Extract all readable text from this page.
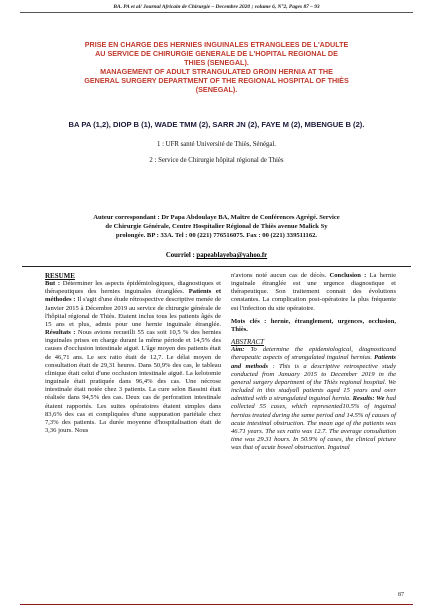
BA. PA et al/ Journal Africain de Chirurgie – Decembre 2020 ; volume 6, N°2, Pages 87 – 93

PRISE EN CHARGE DES HERNIES INGUINALES ETRANGLEES DE L'ADULTE

AU SERVICE DE CHIRURGIE GENERALE DE L'HOPITAL REGIONAL DE

THIES (SENEGAL).

MANAGEMENT OF ADULT STRANGULATED GROIN HERNIA AT THE

GENERAL SURGERY DEPARTMENT OF THE REGIONAL HOSPITAL OF THIÈS

(SENEGAL).

BA PA (1,2), DIOP B (1), WADE TMM (2), SARR JN (2), FAYE M (2), MBENGUE B (2).
1 : UFR santé Université de Thiès, Sénégal.
2 : Service de Chirurgie hôpital régional de Thiès
Auteur correspondant : Dr Papa Abdoulaye BA, Maître de Conférences Agrégé. Service
de Chirurgie Générale, Centre Hospitalier Régional de Thiès avenue Malick Sy
prolongée. BP : 33A. Tel : 00 (221) 776516075. Fax : 00 (221) 339511162.
Courriel : papeablayeba@yahoo.fr

RESUME

But : Déterminer les aspects épidémiologiques, diagnostiques et thérapeutiques des hernies inguinales étranglées. Patients et méthodes : Il s'agit d'une étude rétrospective descriptive menée de Janvier 2015 à Décembre 2019 au service de chirurgie générale de l'hôpital régional de Thiès. Etaient inclus tous les patients âgés de 15 ans et plus, admis pour une hernie inguinale étranglée. Résultats : Nous avions recueilli 55 cas soit 10,5 % des hernies inguinales prises en charge durant la même période et 14,5% des causes d'occlusion intestinale aiguë. L'âge moyen des patients était de 46,71 ans. Le sex ratio était de 12,7. Le délai moyen de consultation était de 29,31 heures. Dans 50,9% des cas, le tableau clinique était celui d'une occlusion intestinale aiguë. La kelotomie inguinale était pratiquée dans 96,4% des cas. Une nécrose intestinale était notée chez 3 patients. La cure selon Bassini était réalisée dans 94,5% des cas. Deux cas de perforation intestinale étaient rapportés. Les suites opératoires étaient simples dans 83,6% des cas et compliquées d'une suppuration pariétale chez 7,3% des patients. La durée moyenne d'hospitalisation était de 3,36 jours. Nous

n'avions noté aucun cas de décès. Conclusion : La hernie inguinale étranglée est une urgence diagnostique et thérapeutique. Son traitement connait des évolutions constantes. La complication post-opératoire la plus fréquente est l'infection du site opératoire.

Mots clés : hernie, étranglement, urgences, occlusion, Thiès.

ABSTRACT

Aim: To determine the epidemiological, diagnosticand therapeutic aspects of strangulated inguinal hernias. Patients and methods : This is a descriptive retrospective study conducted from January 2015 to December 2019 in the general surgery department of the Thiès regional hospital. We included in this studyall patients aged 15 years and over admitted with a strangulated inguinal hernia. Results: We had collected 55 cases, which represented10.5% of inguinal hernias treated during the same period and 14.5% of causes of acute intestinal obstruction. The mean age of the patients was 46.71 years. The sex ratio was 12.7. The average consultation time was 29.31 hours. In 50.9% of cases, the clinical picture was that of acute bowel obstruction. Inguinal

87
